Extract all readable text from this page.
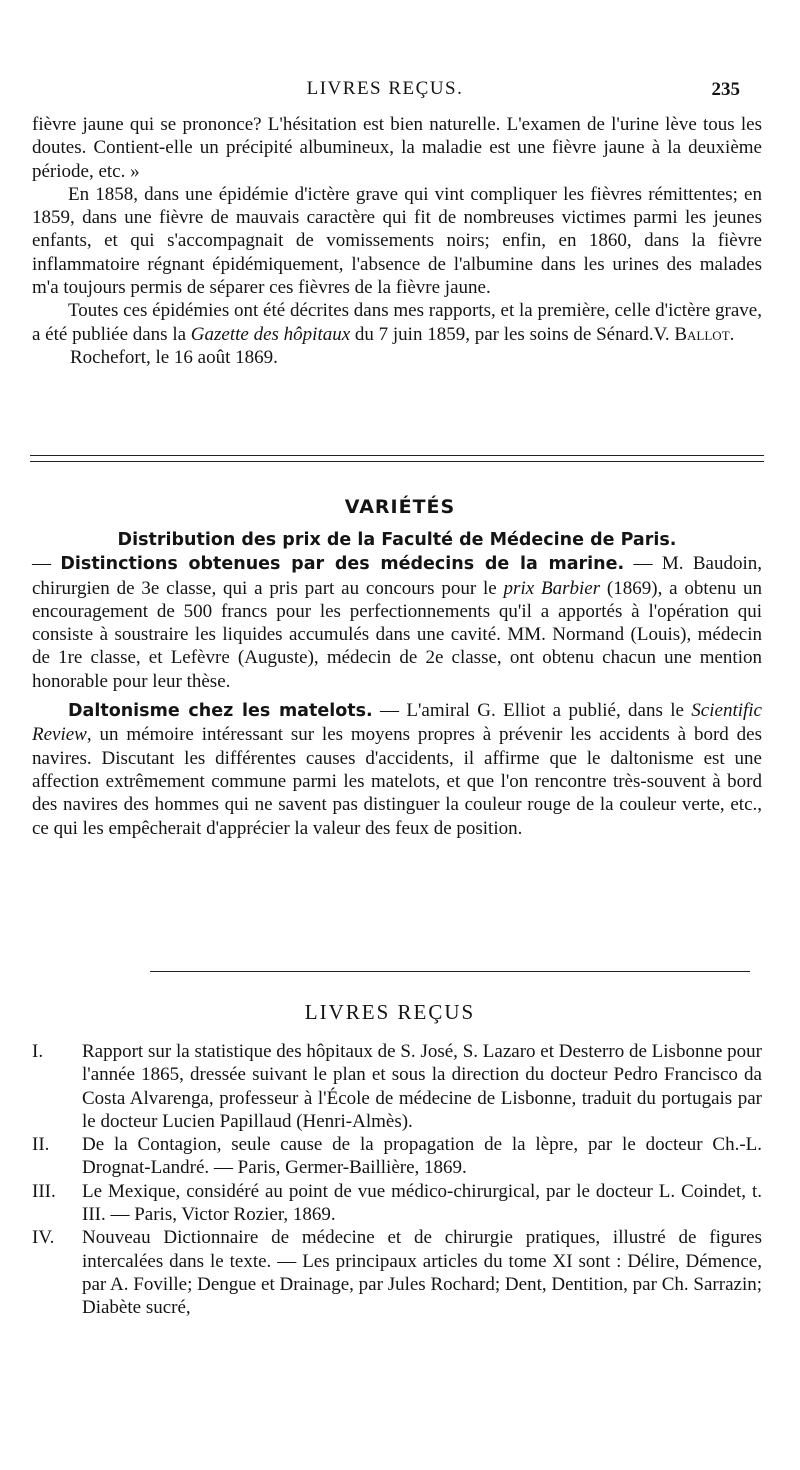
LIVRES REÇUS.	235

fièvre jaune qui se prononce? L'hésitation est bien naturelle. L'examen de l'urine lève tous les doutes. Contient-elle un précipité albumineux, la maladie est une fièvre jaune à la deuxième période, etc. »

En 1858, dans une épidémie d'ictère grave qui vint compliquer les fièvres rémittentes; en 1859, dans une fièvre de mauvais caractère qui fit de nombreuses victimes parmi les jeunes enfants, et qui s'accompagnait de vomissements noirs; enfin, en 1860, dans la fièvre inflammatoire régnant épidémiquement, l'absence de l'albumine dans les urines des malades m'a toujours permis de séparer ces fièvres de la fièvre jaune.

Toutes ces épidémies ont été décrites dans mes rapports, et la première, celle d'ictère grave, a été publiée dans la Gazette des hôpitaux du 7 juin 1859, par les soins de Sénard.V. Ballot.

Rochefort, le 16 août 1869.

VARIÉTÉS

Distribution des prix de la Faculté de Médecine de Paris.

— Distinctions obtenues par des médecins de la marine. — M. Baudoin, chirurgien de 3e classe, qui a pris part au concours pour le prix Barbier (1869), a obtenu un encouragement de 500 francs pour les perfectionnements qu'il a apportés à l'opération qui consiste à soustraire les liquides accumulés dans une cavité. MM. Normand (Louis), médecin de 1re classe, et Lefèvre (Auguste), médecin de 2e classe, ont obtenu chacun une mention honorable pour leur thèse.

Daltonisme chez les matelots. — L'amiral G. Elliot a publié, dans le Scientific Review, un mémoire intéressant sur les moyens propres à prévenir les accidents à bord des navires. Discutant les différentes causes d'accidents, il affirme que le daltonisme est une affection extrêmement commune parmi les matelots, et que l'on rencontre très-souvent à bord des navires des hommes qui ne savent pas distinguer la couleur rouge de la couleur verte, etc., ce qui les empêcherait d'apprécier la valeur des feux de position.

LIVRES REÇUS
I.	Rapport sur la statistique des hôpitaux de S. José, S. Lazaro et Desterro de Lisbonne pour l'année 1865, dressée suivant le plan et sous la direction du docteur Pedro Francisco da Costa Alvarenga, professeur à l'École de médecine de Lisbonne, traduit du portugais par le docteur Lucien Papillaud (Henri-Almès).
II.	De la Contagion, seule cause de la propagation de la lèpre, par le docteur Ch.-L. Drognat-Landré. — Paris, Germer-Baillière, 1869.
III.	Le Mexique, considéré au point de vue médico-chirurgical, par le docteur L. Coindet, t. III. — Paris, Victor Rozier, 1869.
IV.	Nouveau Dictionnaire de médecine et de chirurgie pratiques, illustré de figures intercalées dans le texte. — Les principaux articles du tome XI sont : Délire, Démence, par A. Foville; Dengue et Drainage, par Jules Rochard; Dent, Dentition, par Ch. Sarrazin; Diabète sucré,
